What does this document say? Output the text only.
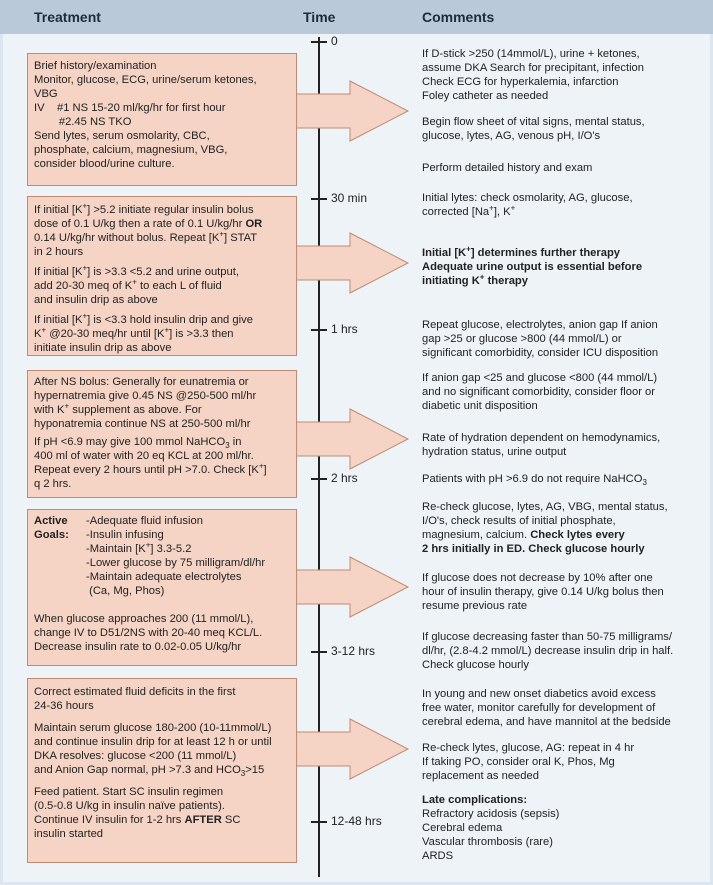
Treatment	Time	Comments
0
30 min
1 hrs
2 hrs
3-12 hrs
12-48 hrs

Brief history/examination

Monitor, glucose, ECG, urine/serum ketones,

VBG

IV    #1 NS 15-20 ml/kg/hr for first hour

#2.45 NS TKO

Send lytes, serum osmolarity, CBC,

phosphate, calcium, magnesium, VBG,

consider blood/urine culture.

If initial [K+] >5.2 initiate regular insulin bolus

dose of 0.1 U/kg then a rate of 0.1 U/kg/hr OR

0.14 U/kg/hr without bolus. Repeat [K+] STAT

in 2 hours

If initial [K+] is >3.3 <5.2 and urine output,

add 20-30 meq of K+ to each L of fluid

and insulin drip as above

If initial [K+] is <3.3 hold insulin drip and give

K+ @20-30 meq/hr until [K+] is >3.3 then

initiate insulin drip as above

After NS bolus: Generally for eunatremia or

hypernatremia give 0.45 NS @250-500 ml/hr

with K+ supplement as above. For

hyponatremia continue NS at 250-500 ml/hr

If pH <6.9 may give 100 mmol NaHCO$_3$ in

400 ml of water with 20 eq KCL at 200 ml/hr.

Repeat every 2 hours until pH >7.0. Check [K+]

q 2 hrs.

Active

Goals:

-Adequate fluid infusion

-Insulin infusing

-Maintain [K+] 3.3-5.2

-Lower glucose by 75 milligram/dl/hr

-Maintain adequate electrolytes

(Ca, Mg, Phos)

When glucose approaches 200 (11 mmol/L),

change IV to D51/2NS with 20-40 meq KCL/L.

Decrease insulin rate to 0.02-0.05 U/kg/hr

Correct estimated fluid deficits in the first

24-36 hours

Maintain serum glucose 180-200 (10-11mmol/L)

and continue insulin drip for at least 12 h or until

DKA resolves: glucose <200 (11 mmol/L)

and Anion Gap normal, pH >7.3 and $HCO_3>15$

Feed patient. Start SC insulin regimen

(0.5-0.8 U/kg in insulin naïve patients).

Continue IV insulin for 1-2 hrs AFTER SC

insulin started

If D-stick >250 (14mmol/L), urine + ketones,

assume DKA Search for precipitant, infection

Check ECG for hyperkalemia, infarction

Foley catheter as needed

Begin flow sheet of vital signs, mental status,

glucose, lytes, AG, venous pH, I/O's

Perform detailed history and exam

Initial lytes: check osmolarity, AG, glucose,

corrected [Na+], K+

Initial [K+] determines further therapy

Adequate urine output is essential before

initiating K+ therapy

Repeat glucose, electrolytes, anion gap If anion

gap >25 or glucose >800 (44 mmol/L) or

significant comorbidity, consider ICU disposition

If anion gap <25 and glucose <800 (44 mmol/L)

and no significant comorbidity, consider floor or

diabetic unit disposition

Rate of hydration dependent on hemodynamics,

hydration status, urine output

Patients with pH >6.9 do not require NaHCO$_3$

Re-check glucose, lytes, AG, VBG, mental status,

I/O's, check results of initial phosphate,

magnesium, calcium. Check lytes every

2 hrs initially in ED. Check glucose hourly

If glucose does not decrease by 10% after one

hour of insulin therapy, give 0.14 U/kg bolus then

resume previous rate

If glucose decreasing faster than 50-75 milligrams/

dl/hr, (2.8-4.2 mmol/L) decrease insulin drip in half.

Check glucose hourly

In young and new onset diabetics avoid excess

free water, monitor carefully for development of

cerebral edema, and have mannitol at the bedside

Re-check lytes, glucose, AG: repeat in 4 hr

If taking PO, consider oral K, Phos, Mg

replacement as needed

Late complications:

Refractory acidosis (sepsis)

Cerebral edema

Vascular thrombosis (rare)

ARDS
